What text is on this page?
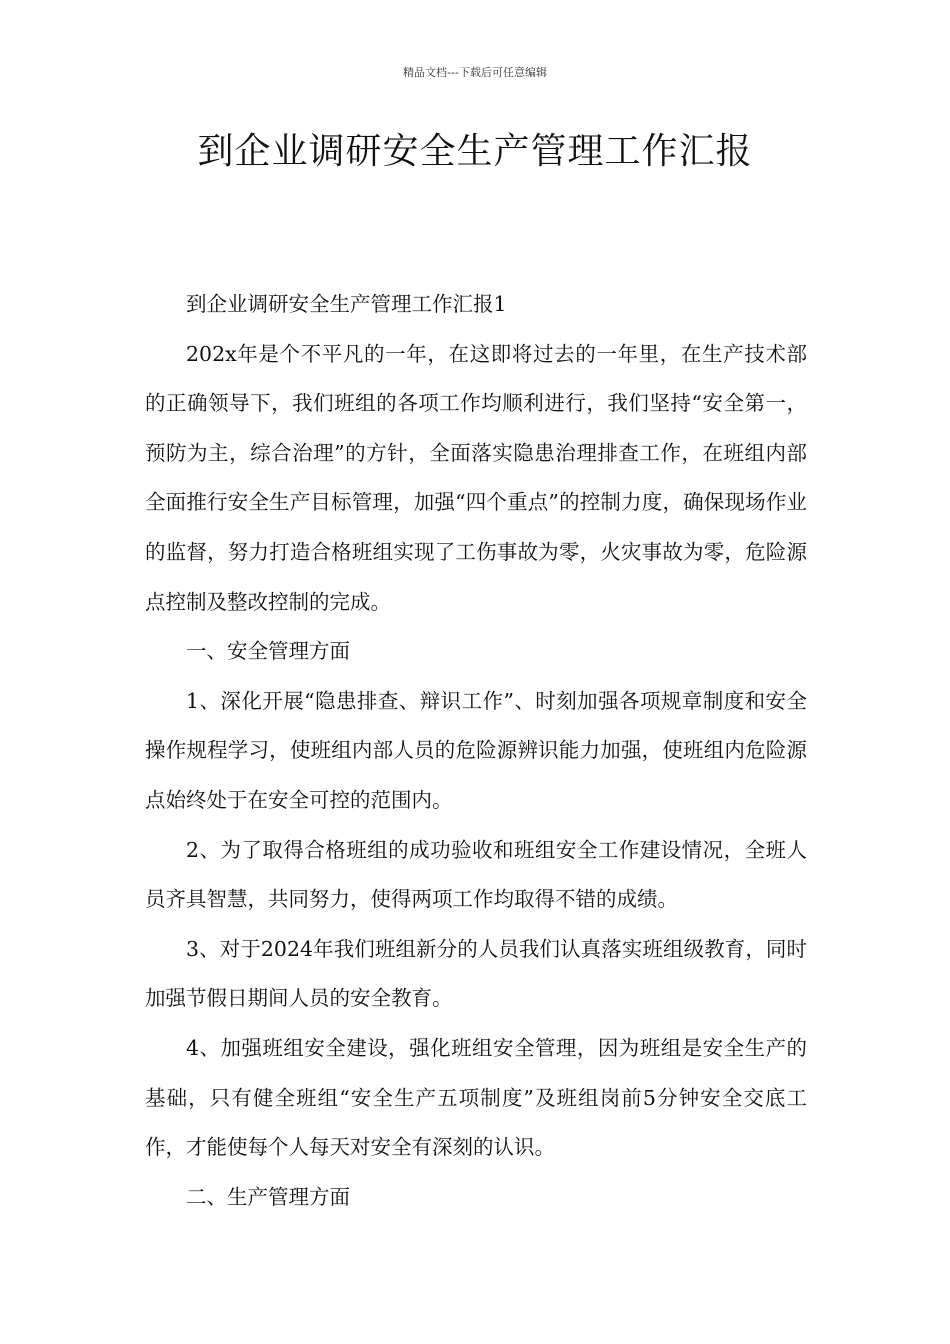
精品文档---下载后可任意编辑
到企业调研安全生产管理工作汇报

到企业调研安全生产管理工作汇报1

202x年是个不平凡的一年，在这即将过去的一年里，在生产技术部的正确领导下，我们班组的各项工作均顺利进行，我们坚持“安全第一，预防为主，综合治理”的方针，全面落实隐患治理排查工作，在班组内部全面推行安全生产目标管理，加强“四个重点”的控制力度，确保现场作业的监督，努力打造合格班组实现了工伤事故为零，火灾事故为零，危险源点控制及整改控制的完成。

一、安全管理方面

1、深化开展“隐患排查、辩识工作”、时刻加强各项规章制度和安全操作规程学习，使班组内部人员的危险源辨识能力加强，使班组内危险源点始终处于在安全可控的范围内。

2、为了取得合格班组的成功验收和班组安全工作建设情况，全班人员齐具智慧，共同努力，使得两项工作均取得不错的成绩。

3、对于2024年我们班组新分的人员我们认真落实班组级教育，同时加强节假日期间人员的安全教育。

4、加强班组安全建设，强化班组安全管理，因为班组是安全生产的基础，只有健全班组“安全生产五项制度”及班组岗前5分钟安全交底工作，才能使每个人每天对安全有深刻的认识。

二、生产管理方面
